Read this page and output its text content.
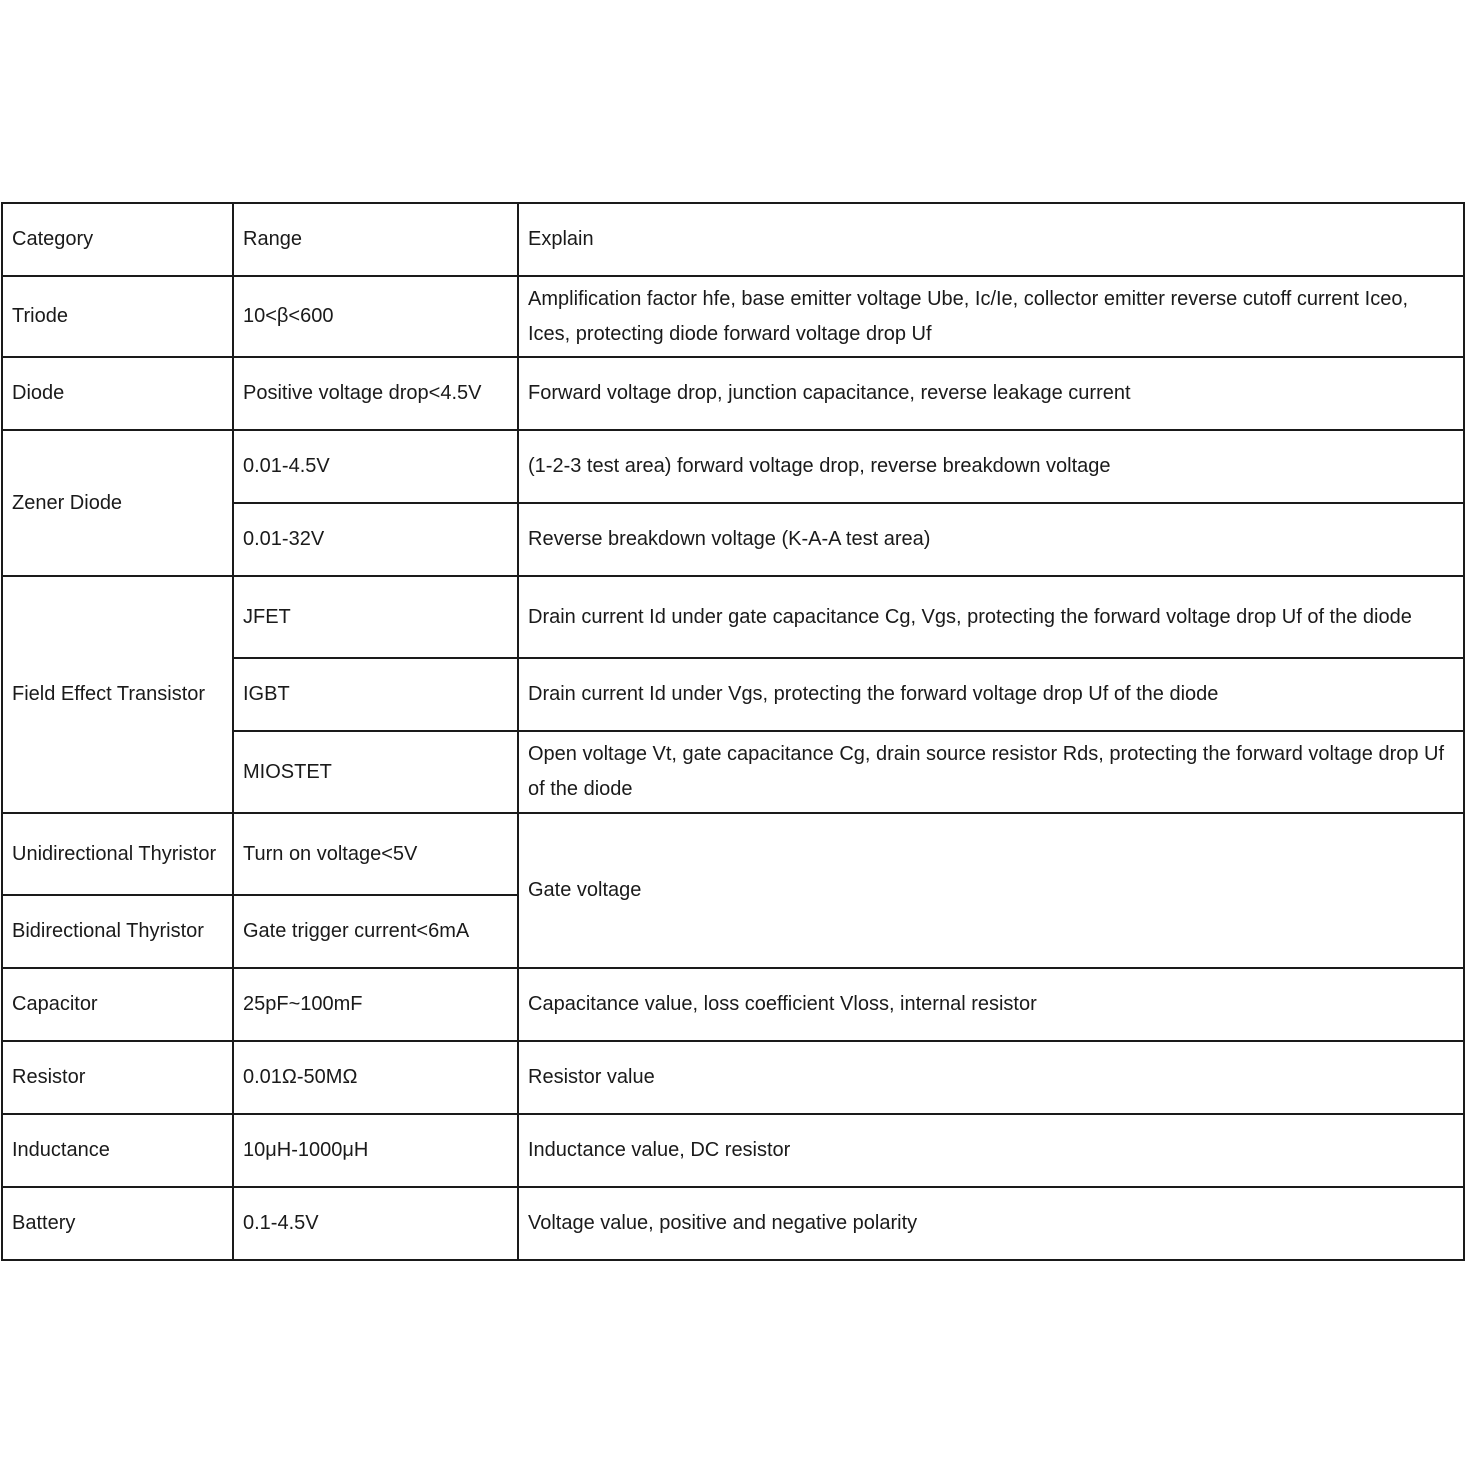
Category	Range	Explain
Triode	10<β<600	Amplification factor hfe, base emitter voltage Ube, Ic/Ie, collector emitter reverse cutoff current Iceo, Ices, protecting diode forward voltage drop Uf
Diode	Positive voltage drop<4.5V	Forward voltage drop, junction capacitance, reverse leakage current
Zener Diode	0.01-4.5V	(1-2-3 test area) forward voltage drop, reverse breakdown voltage
	0.01-32V	Reverse breakdown voltage (K-A-A test area)
Field Effect Transistor	JFET	Drain current Id under gate capacitance Cg, Vgs, protecting the forward voltage drop Uf of the diode
	IGBT	Drain current Id under Vgs, protecting the forward voltage drop Uf of the diode
	MIOSTET	Open voltage Vt, gate capacitance Cg, drain source resistor Rds, protecting the forward voltage drop Uf of the diode
Unidirectional Thyristor	Turn on voltage<5V	Gate voltage
Bidirectional Thyristor	Gate trigger current<6mA	
Capacitor	25pF~100mF	Capacitance value, loss coefficient Vloss, internal resistor
Resistor	0.01Ω-50MΩ	Resistor value
Inductance	10μH-1000μH	Inductance value, DC resistor
Battery	0.1-4.5V	Voltage value, positive and negative polarity
